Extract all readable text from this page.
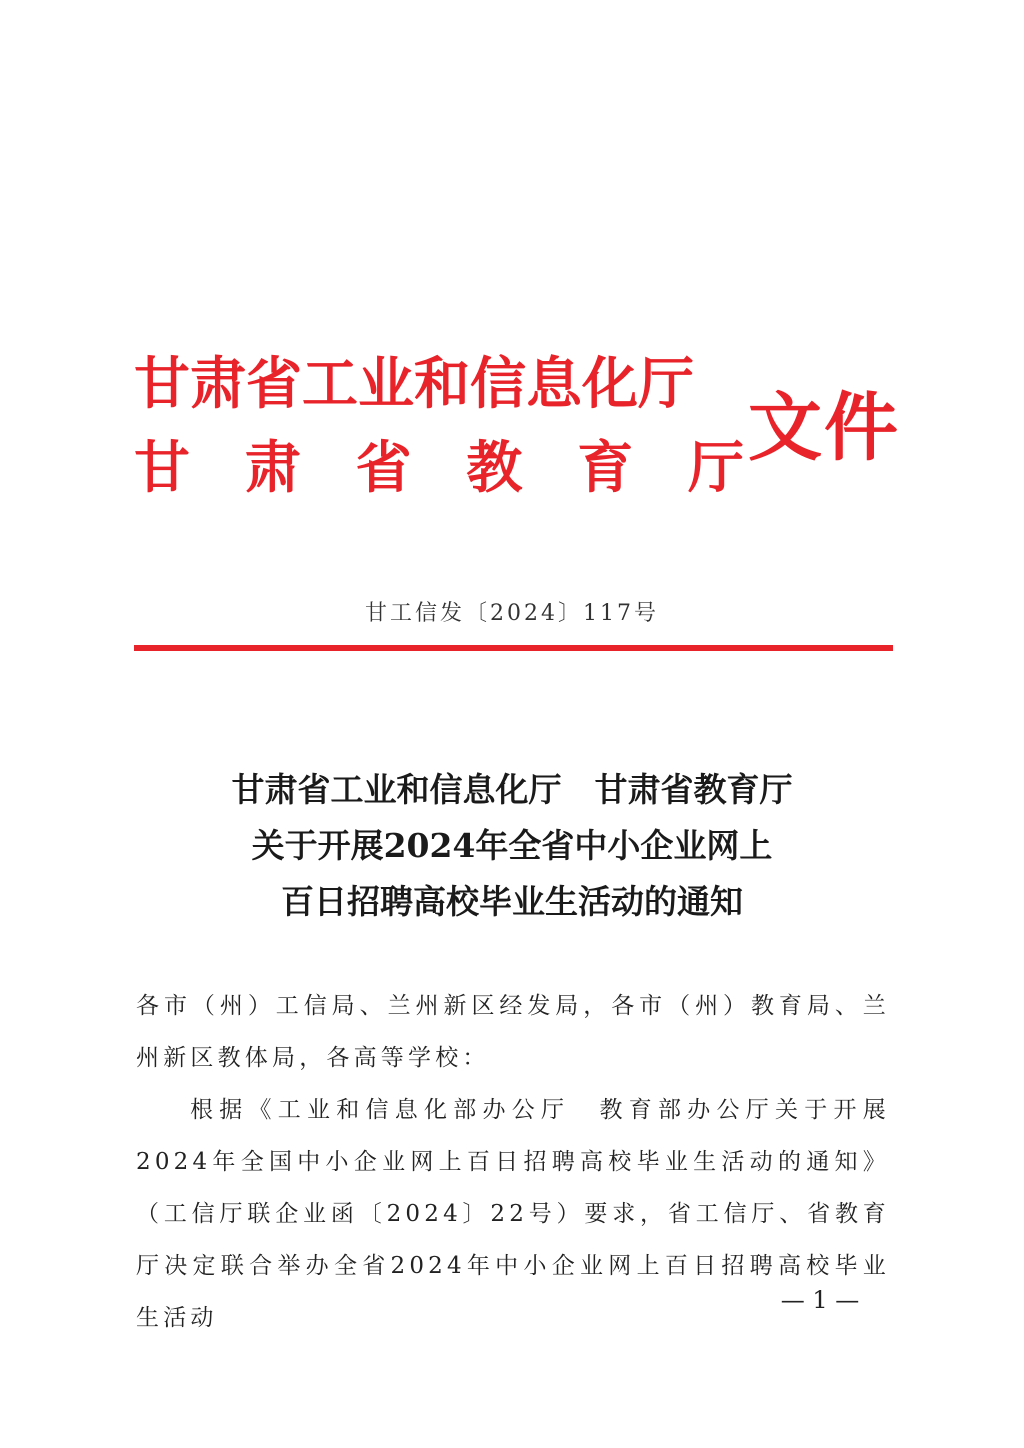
甘肃省工业和信息化厅
甘 肃 省 教 育 厅 文件
甘工信发〔2024〕117号
甘肃省工业和信息化厅　甘肃省教育厅
关于开展2024年全省中小企业网上
百日招聘高校毕业生活动的通知

各市（州）工信局、兰州新区经发局，各市（州）教育局、兰州新区教体局，各高等学校：

根据《工业和信息化部办公厅　教育部办公厅关于开展2024年全国中小企业网上百日招聘高校毕业生活动的通知》（工信厅联企业函〔2024〕22号）要求，省工信厅、省教育厅决定联合举办全省2024年中小企业网上百日招聘高校毕业生活动

— 1 —
